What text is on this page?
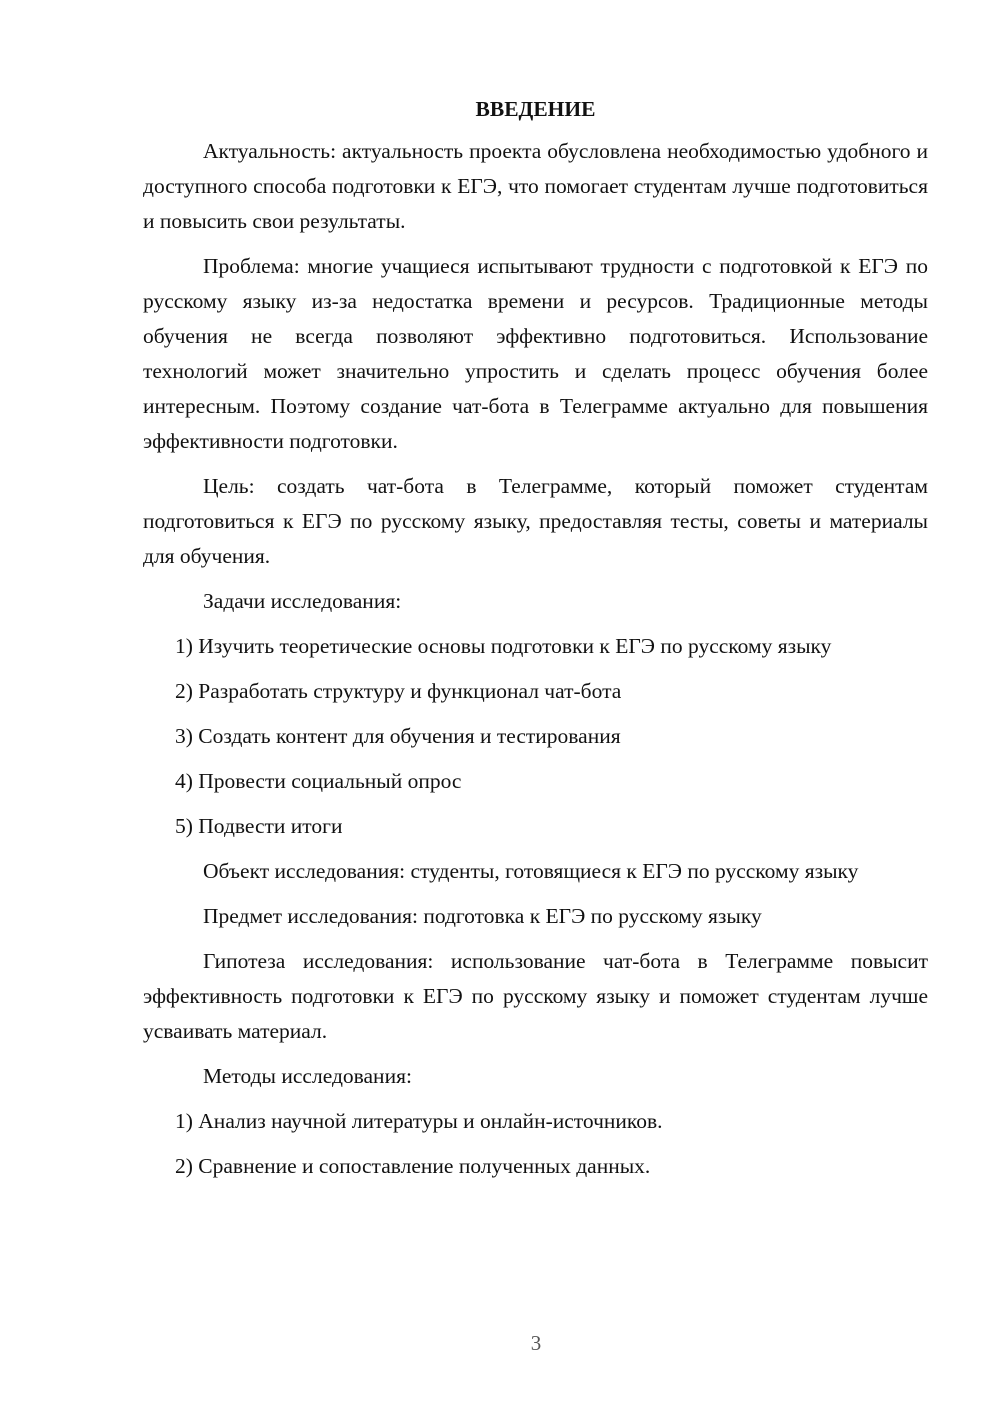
ВВЕДЕНИЕ

Актуальность: актуальность проекта обусловлена необходимостью удобного и доступного способа подготовки к ЕГЭ, что помогает студентам лучше подготовиться и повысить свои результаты.

Проблема: многие учащиеся испытывают трудности с подготовкой к ЕГЭ по русскому языку из-за недостатка времени и ресурсов. Традиционные методы обучения не всегда позволяют эффективно подготовиться. Использование технологий может значительно упростить и сделать процесс обучения более интересным. Поэтому создание чат-бота в Телеграмме актуально для повышения эффективности подготовки.

Цель: создать чат-бота в Телеграмме, который поможет студентам подготовиться к ЕГЭ по русскому языку, предоставляя тесты, советы и материалы для обучения.

Задачи исследования:

1) Изучить теоретические основы подготовки к ЕГЭ по русскому языку

2) Разработать структуру и функционал чат-бота

3) Создать контент для обучения и тестирования

4) Провести социальный опрос

5) Подвести итоги

Объект исследования: студенты, готовящиеся к ЕГЭ по русскому языку

Предмет исследования: подготовка к ЕГЭ по русскому языку

Гипотеза исследования: использование чат-бота в Телеграмме повысит эффективность подготовки к ЕГЭ по русскому языку и поможет студентам лучше усваивать материал.

Методы исследования:

1) Анализ научной литературы и онлайн-источников.

2) Сравнение и сопоставление полученных данных.

3
